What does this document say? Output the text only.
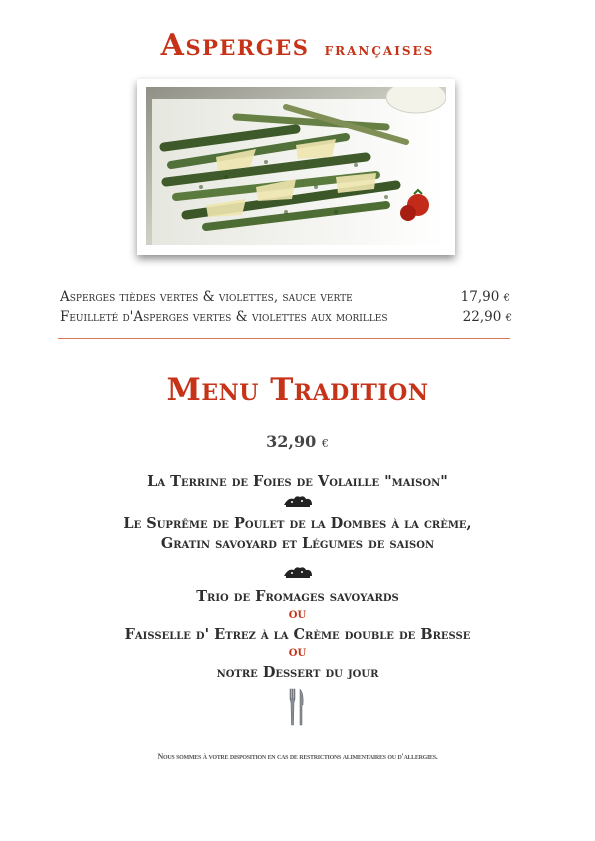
Asperges françaises
Asperges tièdes vertes & violettes, sauce verte	17,90 €
Feuilleté d'Asperges vertes & violettes aux morilles	22,90 €
Menu Tradition
32,90 €
La Terrine de Foies de Volaille "maison"
Le Suprême de Poulet de la Dombes à la crème,
Gratin savoyard et Légumes de saison
Trio de Fromages savoyards
ou
Faisselle d' Etrez à la Crème double de Bresse
ou
notre Dessert du jour
Nous sommes à votre disposition en cas de restrictions alimentaires ou d'allergies.
